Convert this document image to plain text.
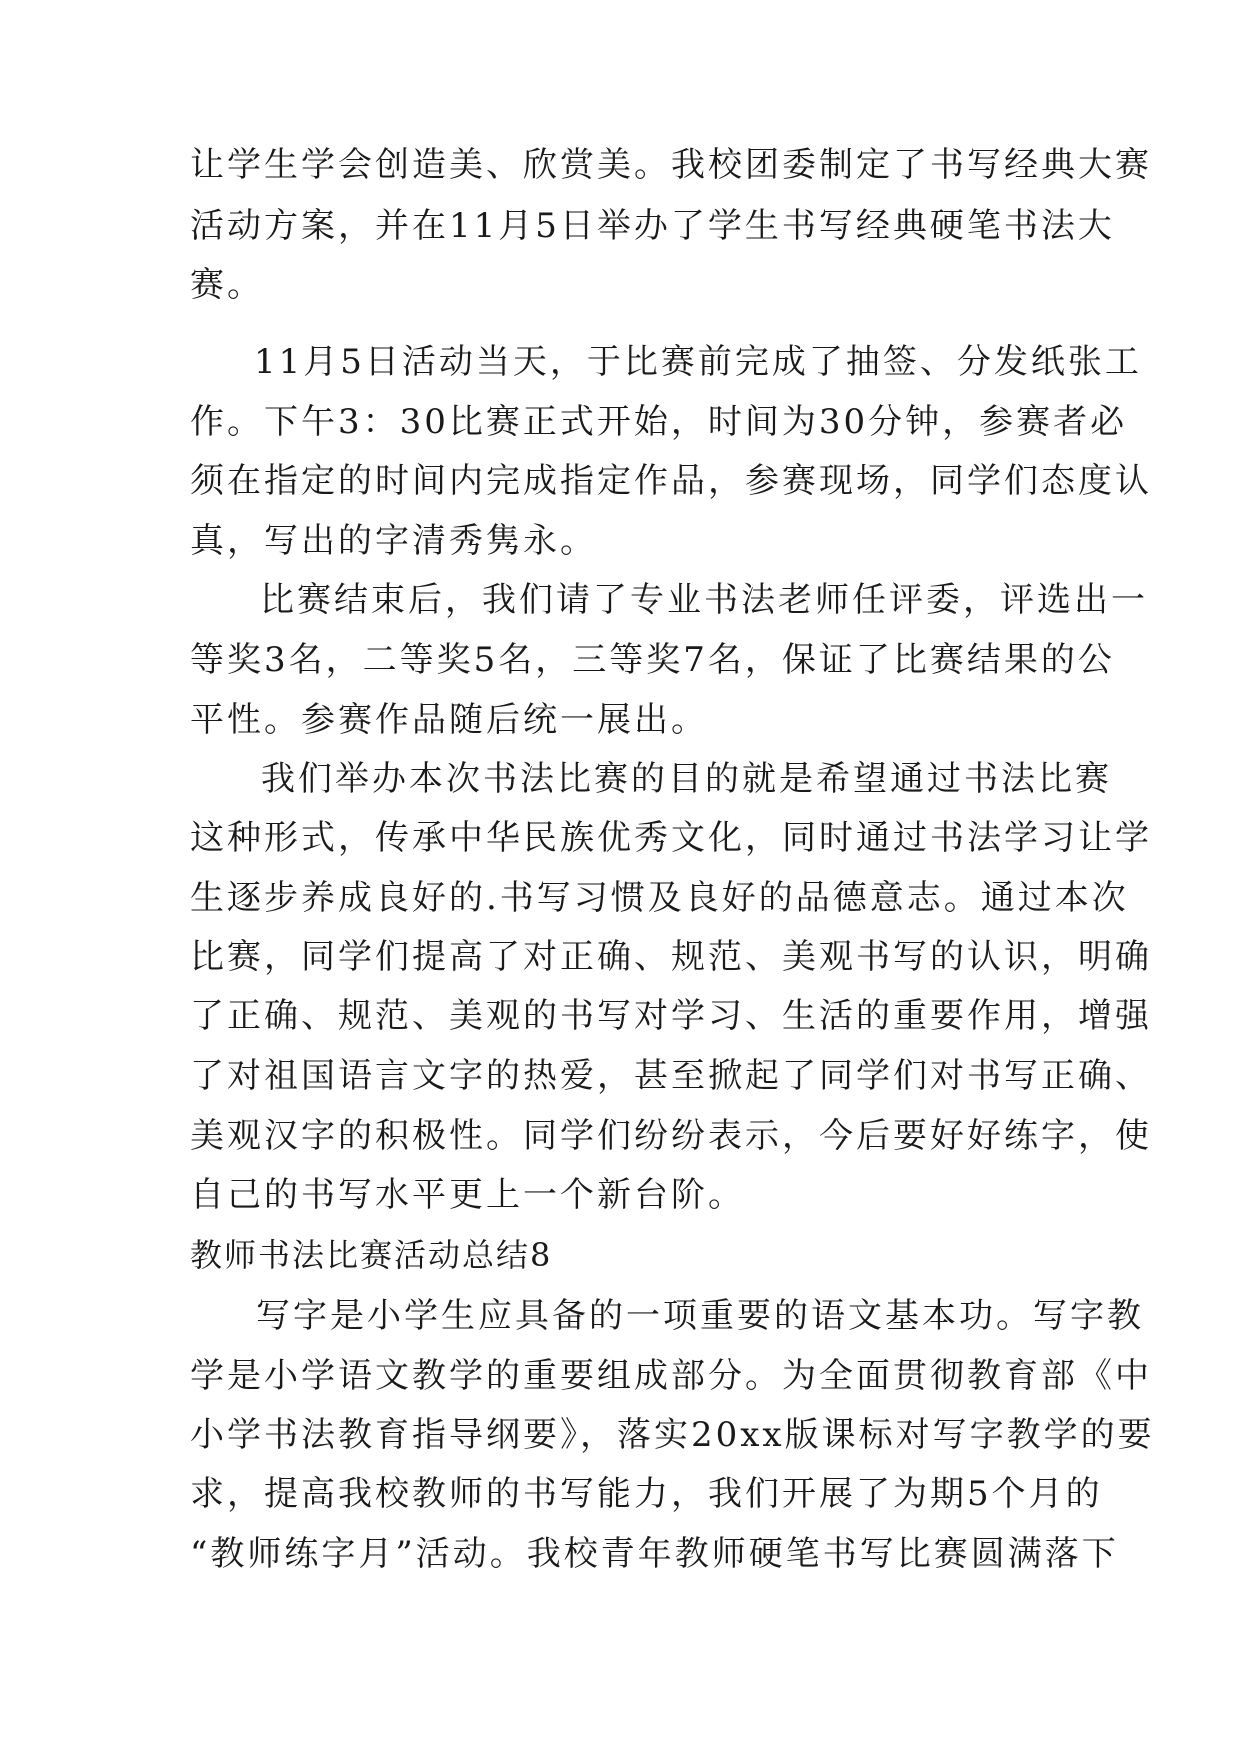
让学生学会创造美、欣赏美。我校团委制定了书写经典大赛
活动方案，并在11月5日举办了学生书写经典硬笔书法大
赛。
11月5日活动当天，于比赛前完成了抽签、分发纸张工
作。下午3：30比赛正式开始，时间为30分钟，参赛者必
须在指定的时间内完成指定作品，参赛现场，同学们态度认
真，写出的字清秀隽永。
比赛结束后，我们请了专业书法老师任评委，评选出一
等奖3名，二等奖5名，三等奖7名，保证了比赛结果的公
平性。参赛作品随后统一展出。
我们举办本次书法比赛的目的就是希望通过书法比赛
这种形式，传承中华民族优秀文化，同时通过书法学习让学
生逐步养成良好的.书写习惯及良好的品德意志。通过本次
比赛，同学们提高了对正确、规范、美观书写的认识，明确
了正确、规范、美观的书写对学习、生活的重要作用，增强
了对祖国语言文字的热爱，甚至掀起了同学们对书写正确、
美观汉字的积极性。同学们纷纷表示，今后要好好练字，使
自己的书写水平更上一个新台阶。
教师书法比赛活动总结8
写字是小学生应具备的一项重要的语文基本功。写字教
学是小学语文教学的重要组成部分。为全面贯彻教育部《中
小学书法教育指导纲要》，落实20xx版课标对写字教学的要
求，提高我校教师的书写能力，我们开展了为期5个月的
“教师练字月”活动。我校青年教师硬笔书写比赛圆满落下
